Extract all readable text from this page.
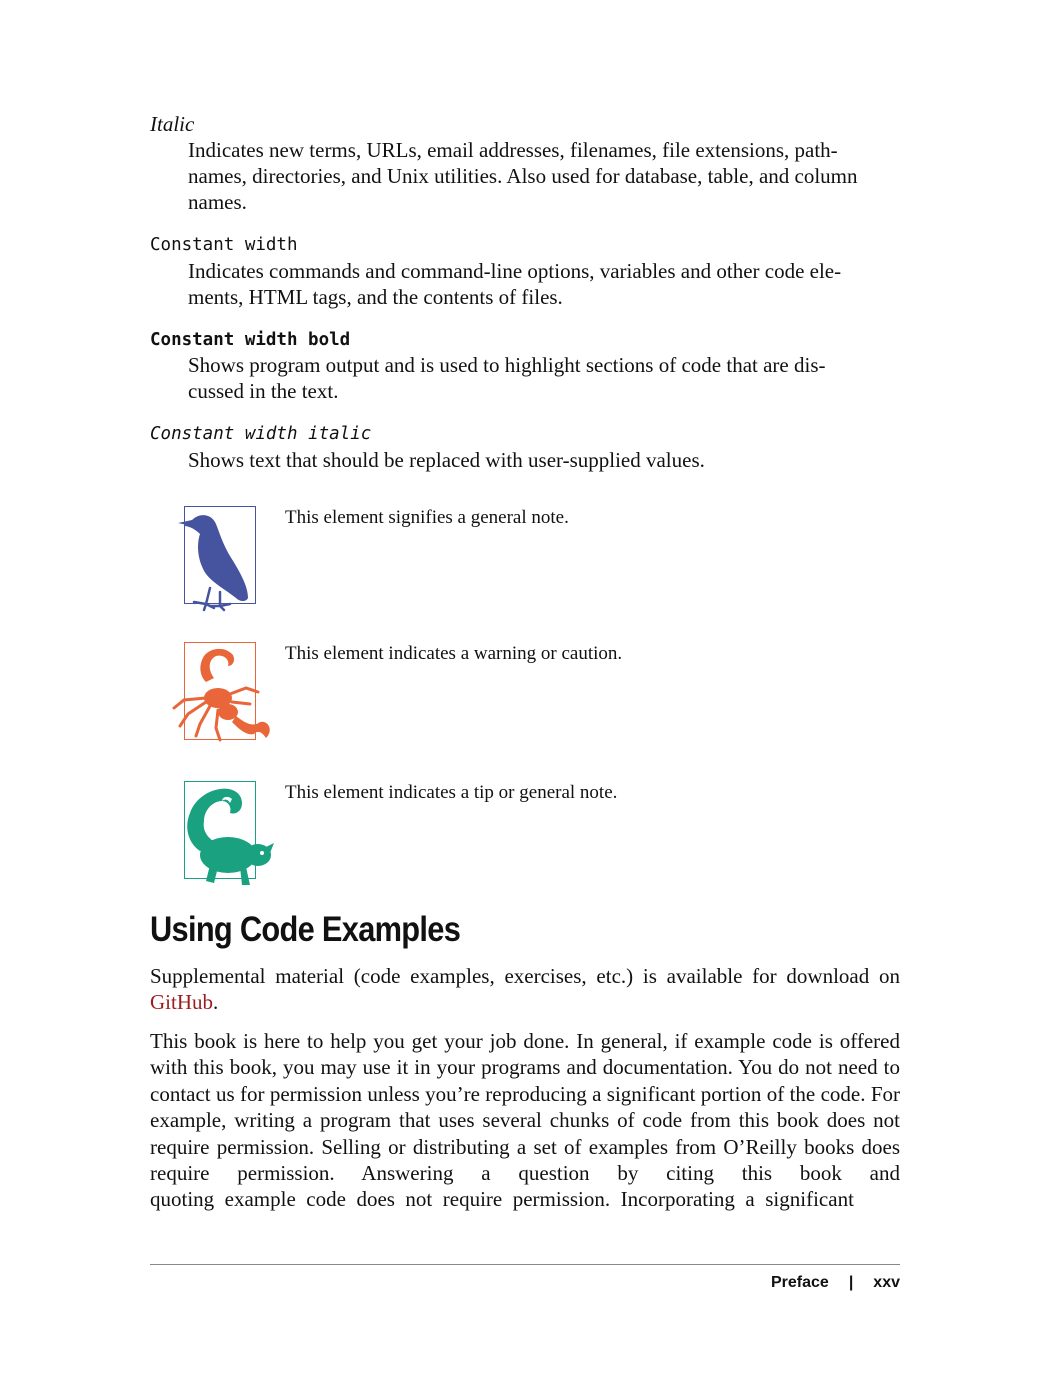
Italic
Indicates new terms, URLs, email addresses, filenames, file extensions, path-
names, directories, and Unix utilities. Also used for database, table, and column
names.
Constant width
Indicates commands and command-line options, variables and other code ele-
ments, HTML tags, and the contents of files.
Constant width bold
Shows program output and is used to highlight sections of code that are dis-
cussed in the text.
Constant width italic
Shows text that should be replaced with user-supplied values.
This element signifies a general note.
This element indicates a warning or caution.
This element indicates a tip or general note.
Using Code Examples
Supplemental material (code examples, exercises, etc.) is available for download on GitHub.
This book is here to help you get your job done. In general, if example code is offered with this book, you may use it in your programs and documentation. You do not need to contact us for permission unless you’re reproducing a significant portion of the code. For example, writing a program that uses several chunks of code from this book does not require permission. Selling or distributing a set of examples from O’Reilly books does require permission. Answering a question by citing this book and quoting  example  code  does  not  require  permission.  Incorporating  a  significant
Preface | xxv
